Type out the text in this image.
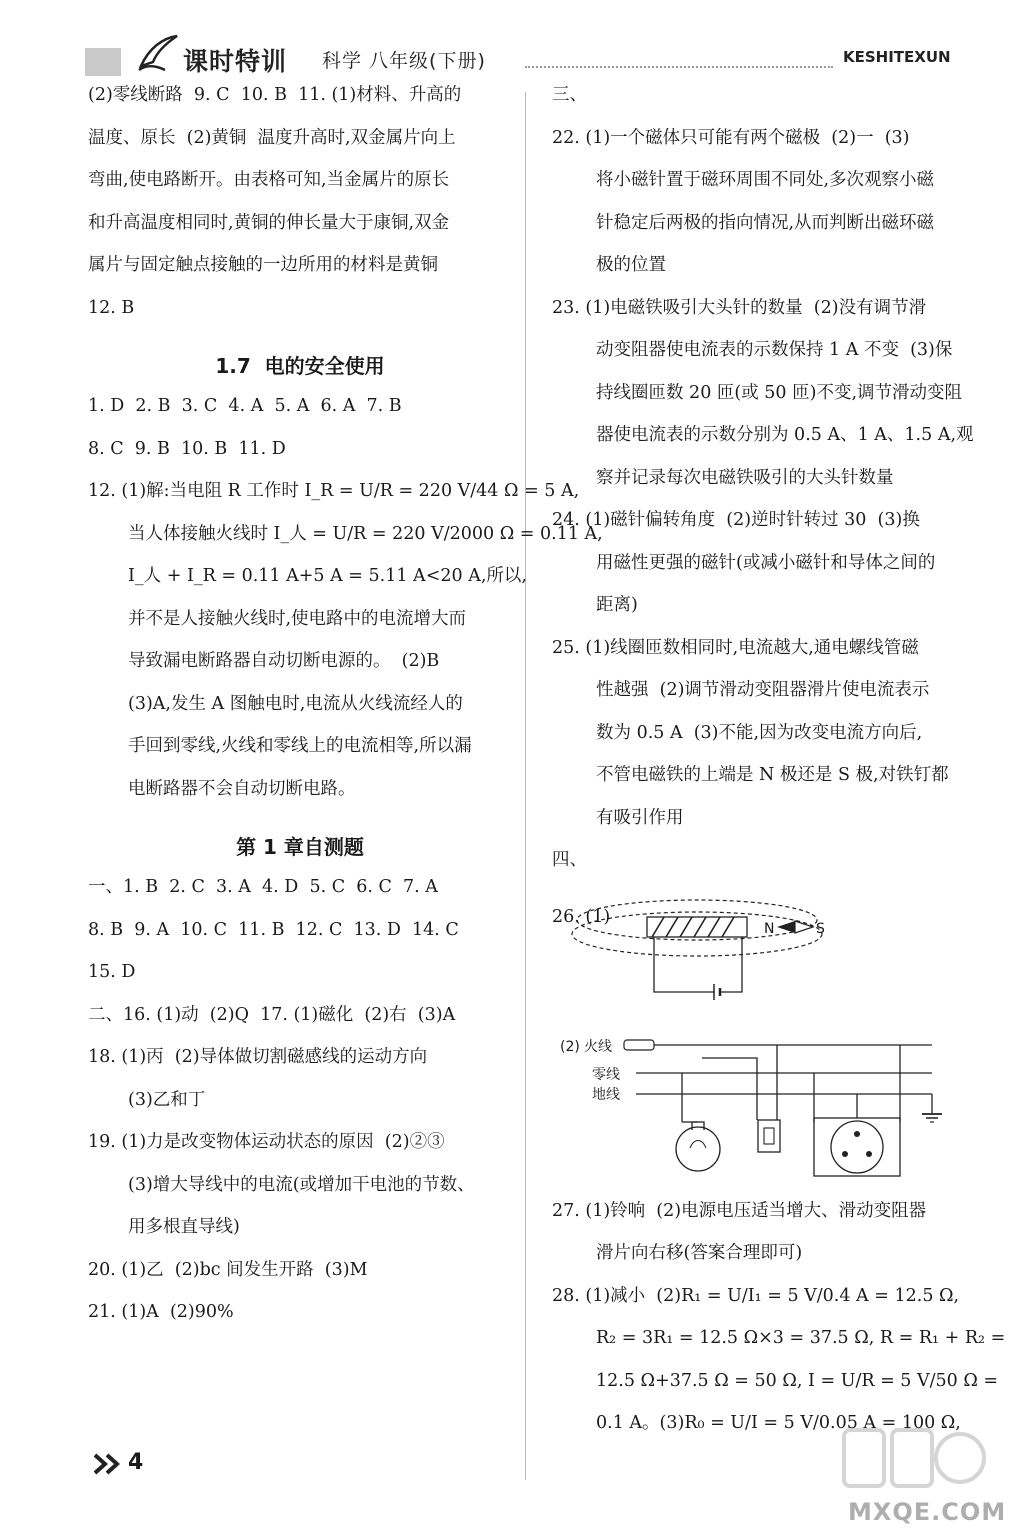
课时特训 科学 八年级(下册)	KESHITEXUN

(2)零线断路  9. C  10. B  11. (1)材料、升高的

温度、原长  (2)黄铜  温度升高时,双金属片向上

弯曲,使电路断开。由表格可知,当金属片的原长

和升高温度相同时,黄铜的伸长量大于康铜,双金

属片与固定触点接触的一边所用的材料是黄铜

12. B

1.7  电的安全使用

1. D  2. B  3. C  4. A  5. A  6. A  7. B

8. C  9. B  10. B  11. D

12. (1)解:当电阻 R 工作时 I_R = U/R = 220 V/44 Ω = 5 A,

当人体接触火线时 I_人 = U/R = 220 V/2000 Ω = 0.11 A,

I_人 + I_R = 0.11 A+5 A = 5.11 A<20 A,所以,

并不是人接触火线时,使电路中的电流增大而

导致漏电断路器自动切断电源的。  (2)B

(3)A,发生 A 图触电时,电流从火线流经人的

手回到零线,火线和零线上的电流相等,所以漏

电断路器不会自动切断电路。

第 1 章自测题

一、1. B  2. C  3. A  4. D  5. C  6. C  7. A

8. B  9. A  10. C  11. B  12. C  13. D  14. C

15. D

二、16. (1)动  (2)Q  17. (1)磁化  (2)右  (3)A

18. (1)丙  (2)导体做切割磁感线的运动方向

(3)乙和丁

19. (1)力是改变物体运动状态的原因  (2)②③

(3)增大导线中的电流(或增加干电池的节数、

用多根直导线)

20. (1)乙  (2)bc 间发生开路  (3)M

21. (1)A  (2)90%

三、

22. (1)一个磁体只可能有两个磁极  (2)一  (3)

将小磁针置于磁环周围不同处,多次观察小磁

针稳定后两极的指向情况,从而判断出磁环磁

极的位置

23. (1)电磁铁吸引大头针的数量  (2)没有调节滑

动变阻器使电流表的示数保持 1 A 不变  (3)保

持线圈匝数 20 匝(或 50 匝)不变,调节滑动变阻

器使电流表的示数分别为 0.5 A、1 A、1.5 A,观

察并记录每次电磁铁吸引的大头针数量

24. (1)磁针偏转角度  (2)逆时针转过 30  (3)换

用磁性更强的磁针(或减小磁针和导体之间的

距离)

25. (1)线圈匝数相同时,电流越大,通电螺线管磁

性越强  (2)调节滑动变阻器滑片使电流表示

数为 0.5 A  (3)不能,因为改变电流方向后,

不管电磁铁的上端是 N 极还是 S 极,对铁钉都

有吸引作用

四、

26. (1)
N	S
(2) 火线
零线
地线

27. (1)铃响  (2)电源电压适当增大、滑动变阻器

滑片向右移(答案合理即可)

28. (1)减小  (2)R₁ = U/I₁ = 5 V/0.4 A = 12.5 Ω,

R₂ = 3R₁ = 12.5 Ω×3 = 37.5 Ω, R = R₁ + R₂ =

12.5 Ω+37.5 Ω = 50 Ω, I = U/R = 5 V/50 Ω =

0.1 A。(3)R₀ = U/I = 5 V/0.05 A = 100 Ω,

4
MXQE.COM
